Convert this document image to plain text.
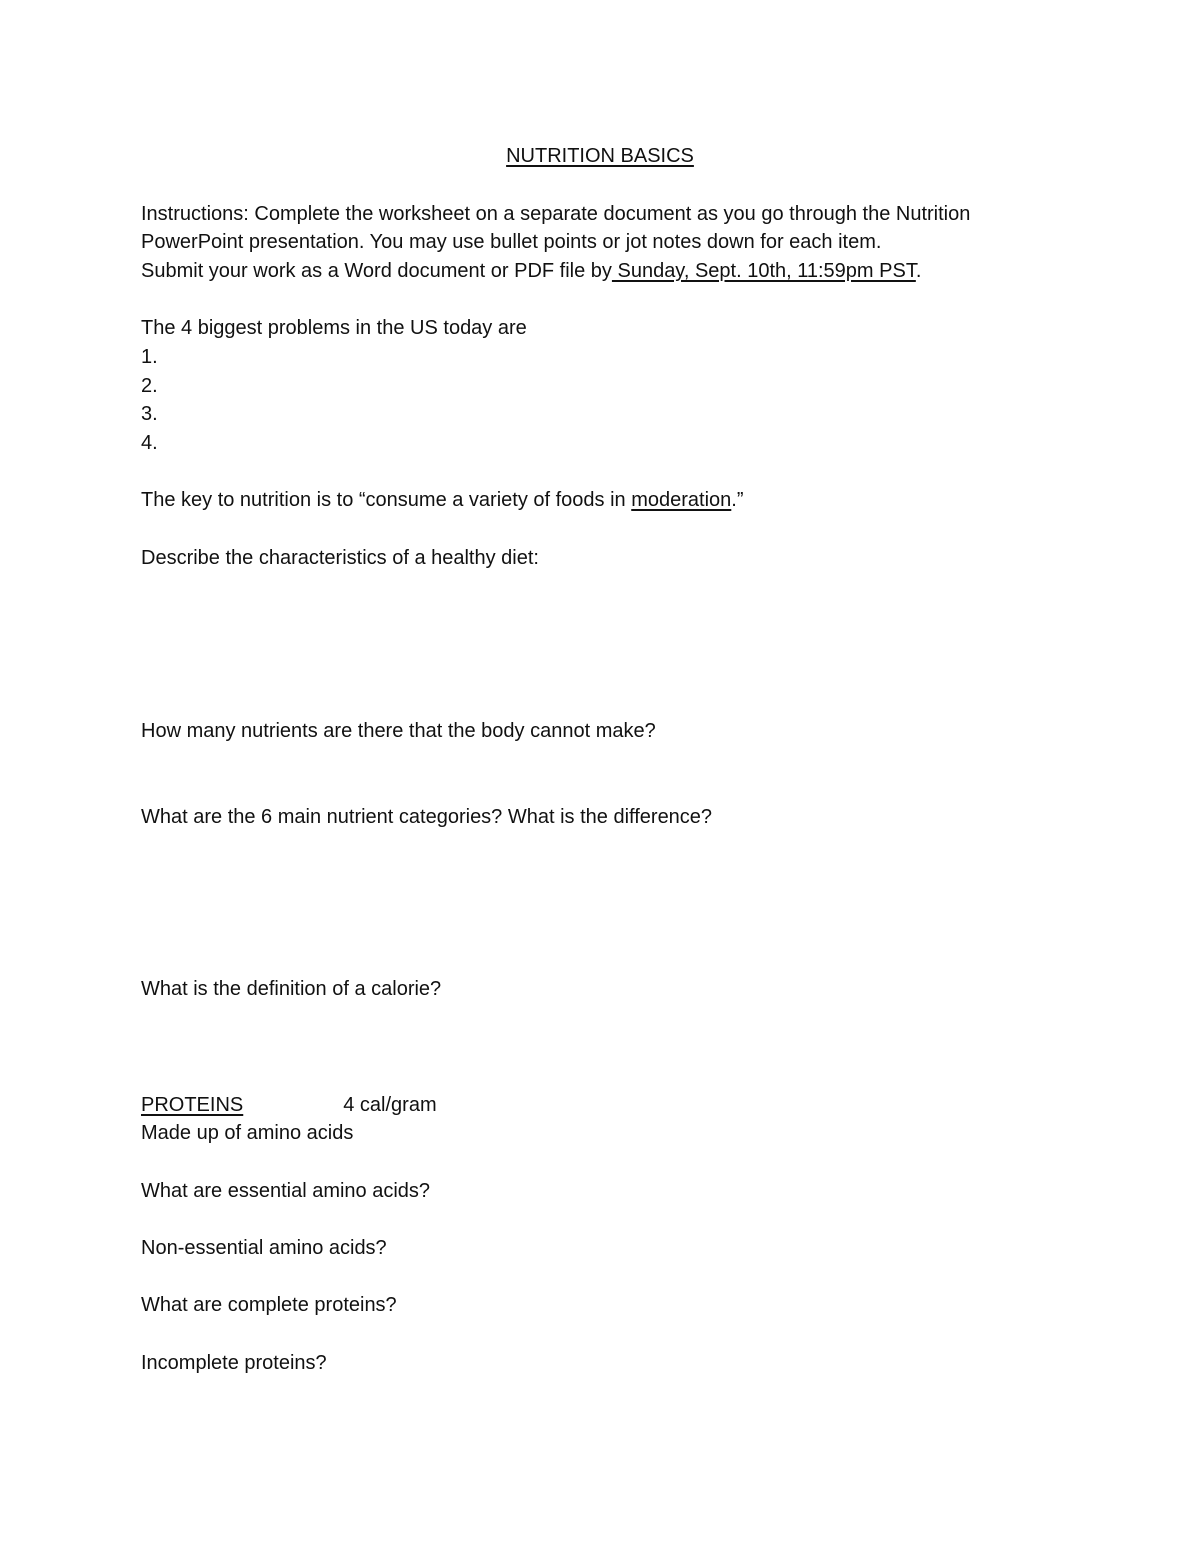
NUTRITION BASICS
Instructions: Complete the worksheet on a separate document as you go through the Nutrition
PowerPoint presentation. You may use bullet points or jot notes down for each item.
Submit your work as a Word document or PDF file by Sunday, Sept. 10th, 11:59pm PST.
The 4 biggest problems in the US today are
1.
2.
3.
4.
The key to nutrition is to “consume a variety of foods in moderation.”
Describe the characteristics of a healthy diet:
How many nutrients are there that the body cannot make?
What are the 6 main nutrient categories? What is the difference?
What is the definition of a calorie?
PROTEINS	4 cal/gram
Made up of amino acids
What are essential amino acids?
Non-essential amino acids?
What are complete proteins?
Incomplete proteins?
